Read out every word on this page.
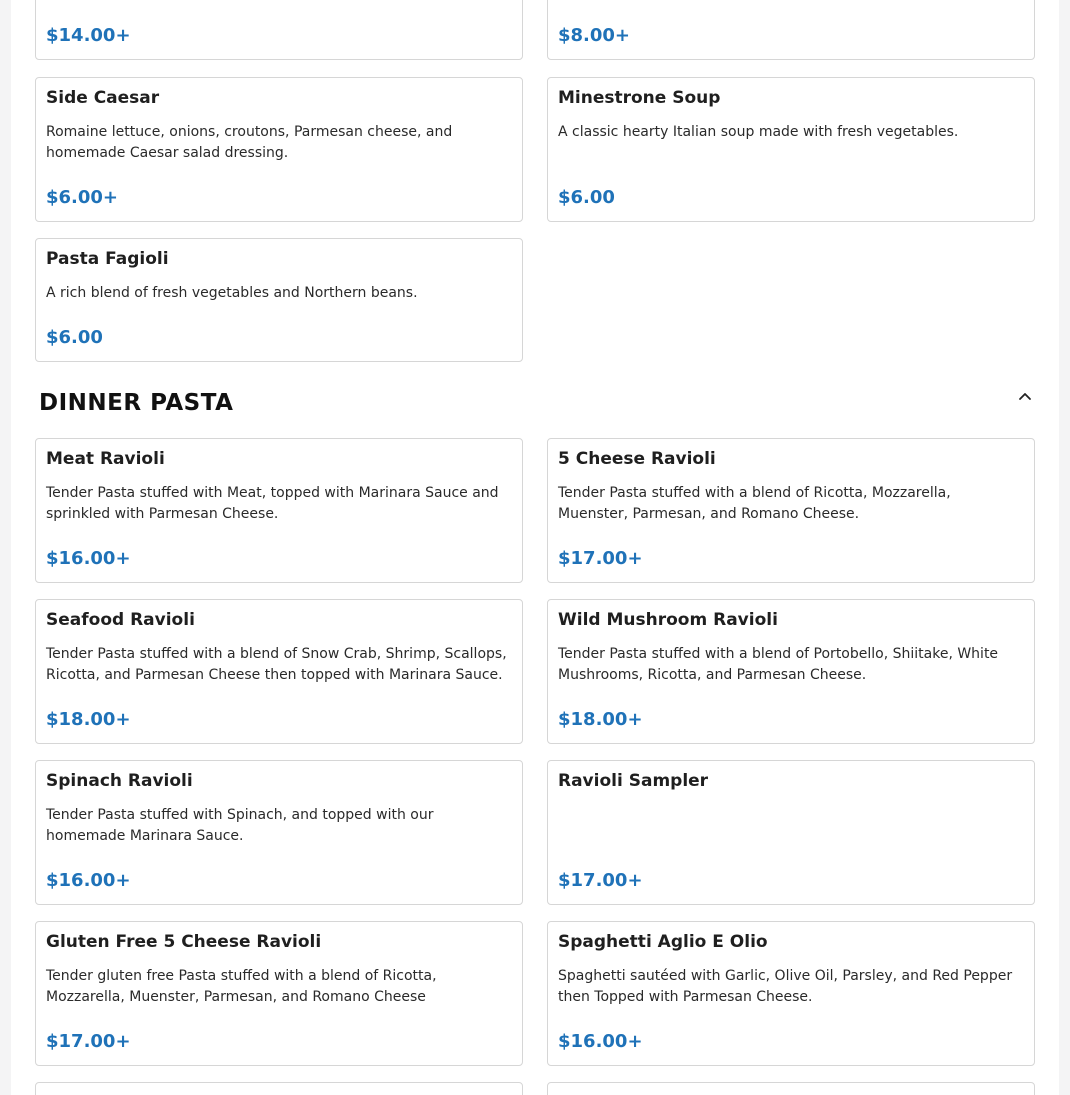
$14.00+	$8.00+
Side Caesar
Romaine lettuce, onions, croutons, Parmesan cheese, and homemade Caesar salad dressing.
$6.00+
Minestrone Soup
A classic hearty Italian soup made with fresh vegetables.
$6.00
Pasta Fagioli
A rich blend of fresh vegetables and Northern beans.
$6.00
DINNER PASTA
Meat Ravioli
Tender Pasta stuffed with Meat, topped with Marinara Sauce and sprinkled with Parmesan Cheese.
$16.00+
5 Cheese Ravioli
Tender Pasta stuffed with a blend of Ricotta, Mozzarella, Muenster, Parmesan, and Romano Cheese.
$17.00+
Seafood Ravioli
Tender Pasta stuffed with a blend of Snow Crab, Shrimp, Scallops, Ricotta, and Parmesan Cheese then topped with Marinara Sauce.
$18.00+
Wild Mushroom Ravioli
Tender Pasta stuffed with a blend of Portobello, Shiitake, White Mushrooms, Ricotta, and Parmesan Cheese.
$18.00+
Spinach Ravioli
Tender Pasta stuffed with Spinach, and topped with our homemade Marinara Sauce.
$16.00+
Ravioli Sampler
$17.00+
Gluten Free 5 Cheese Ravioli
Tender gluten free Pasta stuffed with a blend of Ricotta, Mozzarella, Muenster, Parmesan, and Romano Cheese
$17.00+
Spaghetti Aglio E Olio
Spaghetti sautéed with Garlic, Olive Oil, Parsley, and Red Pepper then Topped with Parmesan Cheese.
$16.00+
